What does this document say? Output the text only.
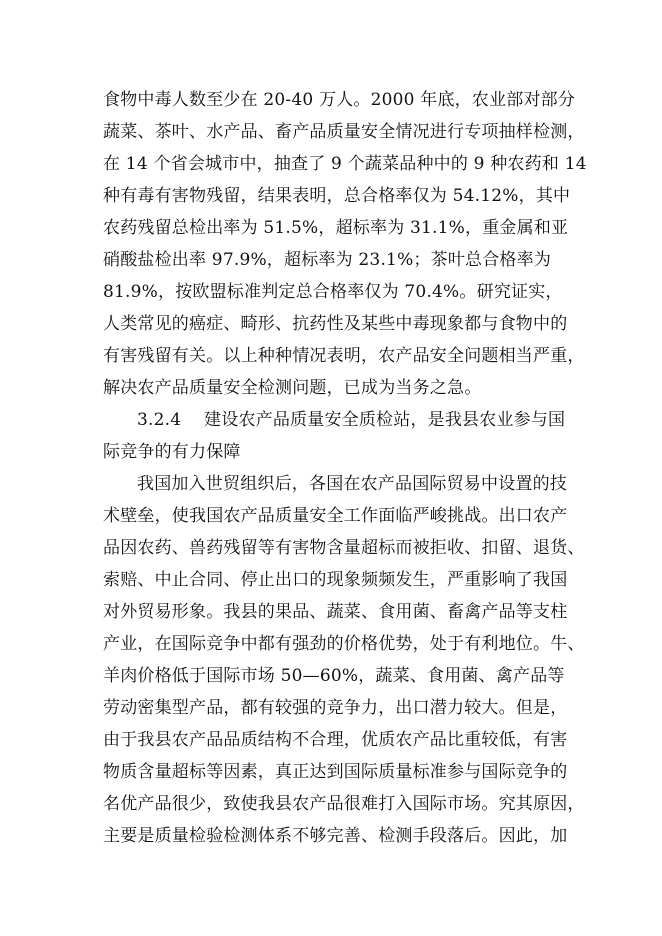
食物中毒人数至少在 20-40 万人。2000 年底，农业部对部分
蔬菜、茶叶、水产品、畜产品质量安全情况进行专项抽样检测，
在 14 个省会城市中，抽查了 9 个蔬菜品种中的 9 种农药和 14
种有毒有害物残留，结果表明，总合格率仅为 54.12%，其中
农药残留总检出率为 51.5%，超标率为 31.1%，重金属和亚
硝酸盐检出率 97.9%，超标率为 23.1%；茶叶总合格率为
81.9%，按欧盟标准判定总合格率仅为 70.4%。研究证实，
人类常见的癌症、畸形、抗药性及某些中毒现象都与食物中的
有害残留有关。以上种种情况表明，农产品安全问题相当严重，
解决农产品质量安全检测问题，已成为当务之急。
3.2.4　 建设农产品质量安全质检站，是我县农业参与国
际竞争的有力保障
我国加入世贸组织后，各国在农产品国际贸易中设置的技
术壁垒，使我国农产品质量安全工作面临严峻挑战。出口农产
品因农药、兽药残留等有害物含量超标而被拒收、扣留、退货、
索赔、中止合同、停止出口的现象频频发生，严重影响了我国
对外贸易形象。我县的果品、蔬菜、食用菌、畜禽产品等支柱
产业，在国际竞争中都有强劲的价格优势，处于有利地位。牛、
羊肉价格低于国际市场 50—60%，蔬菜、食用菌、禽产品等
劳动密集型产品，都有较强的竞争力，出口潜力较大。但是，
由于我县农产品品质结构不合理，优质农产品比重较低，有害
物质含量超标等因素，真正达到国际质量标准参与国际竞争的
名优产品很少，致使我县农产品很难打入国际市场。究其原因，
主要是质量检验检测体系不够完善、检测手段落后。因此，加
